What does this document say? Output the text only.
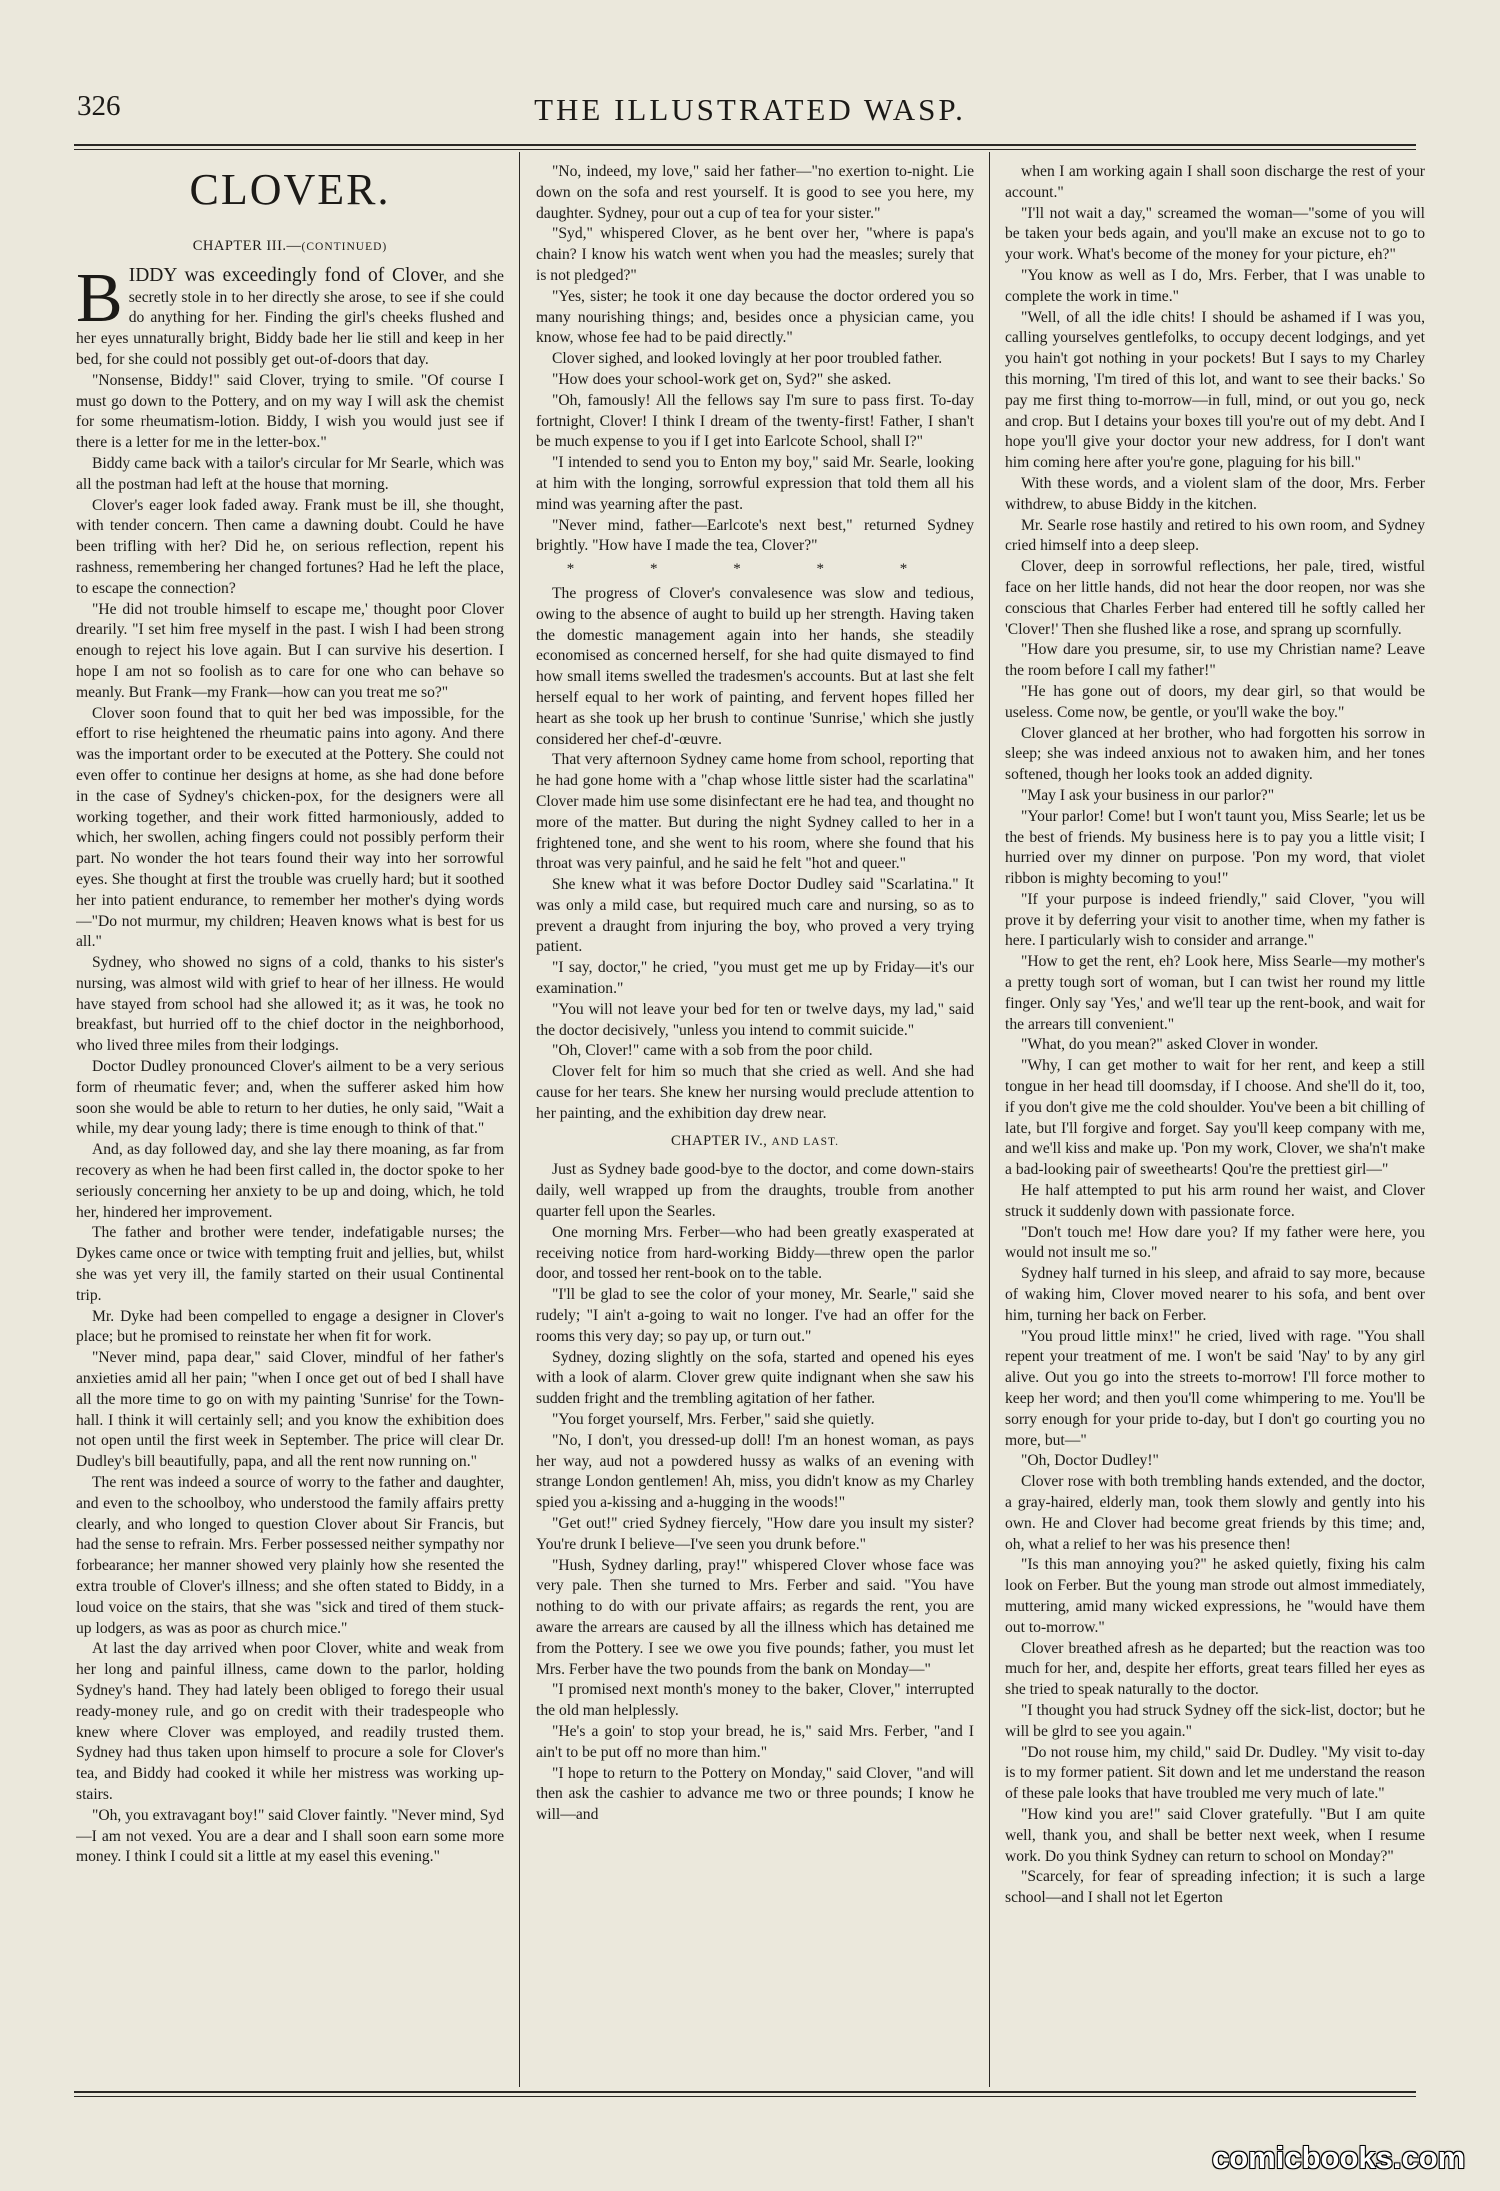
326	THE ILLUSTRATED WASP.
CLOVER.
CHAPTER III.—(CONTINUED)

BIDDY was exceedingly fond of Clover, and she secretly stole in to her directly she arose, to see if she could do anything for her. Finding the girl's cheeks flushed and her eyes unnaturally bright, Biddy bade her lie still and keep in her bed, for she could not possibly get out-of-doors that day.

"Nonsense, Biddy!" said Clover, trying to smile. "Of course I must go down to the Pottery, and on my way I will ask the chemist for some rheumatism-lotion. Biddy, I wish you would just see if there is a letter for me in the letter-box."

Biddy came back with a tailor's circular for Mr Searle, which was all the postman had left at the house that morning.

Clover's eager look faded away. Frank must be ill, she thought, with tender concern. Then came a dawning doubt. Could he have been trifling with her? Did he, on serious reflection, repent his rashness, remembering her changed fortunes? Had he left the place, to escape the connection?

"He did not trouble himself to escape me,' thought poor Clover drearily. "I set him free myself in the past. I wish I had been strong enough to reject his love again. But I can survive his desertion. I hope I am not so foolish as to care for one who can behave so meanly. But Frank—my Frank—how can you treat me so?"

Clover soon found that to quit her bed was impossible, for the effort to rise heightened the rheumatic pains into agony. And there was the important order to be executed at the Pottery. She could not even offer to continue her designs at home, as she had done before in the case of Sydney's chicken-pox, for the designers were all working together, and their work fitted harmoniously, added to which, her swollen, aching fingers could not possibly perform their part. No wonder the hot tears found their way into her sorrowful eyes. She thought at first the trouble was cruelly hard; but it soothed her into patient endurance, to remember her mother's dying words—"Do not murmur, my children; Heaven knows what is best for us all."

Sydney, who showed no signs of a cold, thanks to his sister's nursing, was almost wild with grief to hear of her illness. He would have stayed from school had she allowed it; as it was, he took no breakfast, but hurried off to the chief doctor in the neighborhood, who lived three miles from their lodgings.

Doctor Dudley pronounced Clover's ailment to be a very serious form of rheumatic fever; and, when the sufferer asked him how soon she would be able to return to her duties, he only said, "Wait a while, my dear young lady; there is time enough to think of that."

And, as day followed day, and she lay there moaning, as far from recovery as when he had been first called in, the doctor spoke to her seriously concerning her anxiety to be up and doing, which, he told her, hindered her improvement.

The father and brother were tender, indefatigable nurses; the Dykes came once or twice with tempting fruit and jellies, but, whilst she was yet very ill, the family started on their usual Continental trip.

Mr. Dyke had been compelled to engage a designer in Clover's place; but he promised to reinstate her when fit for work.

"Never mind, papa dear," said Clover, mindful of her father's anxieties amid all her pain; "when I once get out of bed I shall have all the more time to go on with my painting 'Sunrise' for the Town-hall. I think it will certainly sell; and you know the exhibition does not open until the first week in September. The price will clear Dr. Dudley's bill beautifully, papa, and all the rent now running on."

The rent was indeed a source of worry to the father and daughter, and even to the schoolboy, who understood the family affairs pretty clearly, and who longed to question Clover about Sir Francis, but had the sense to refrain. Mrs. Ferber possessed neither sympathy nor forbearance; her manner showed very plainly how she resented the extra trouble of Clover's illness; and she often stated to Biddy, in a loud voice on the stairs, that she was "sick and tired of them stuck-up lodgers, as was as poor as church mice."

At last the day arrived when poor Clover, white and weak from her long and painful illness, came down to the parlor, holding Sydney's hand. They had lately been obliged to forego their usual ready-money rule, and go on credit with their tradespeople who knew where Clover was employed, and readily trusted them. Sydney had thus taken upon himself to procure a sole for Clover's tea, and Biddy had cooked it while her mistress was working up-stairs.

"Oh, you extravagant boy!" said Clover faintly. "Never mind, Syd—I am not vexed. You are a dear and I shall soon earn some more money. I think I could sit a little at my easel this evening."

"No, indeed, my love," said her father—"no exertion to-night. Lie down on the sofa and rest yourself. It is good to see you here, my daughter. Sydney, pour out a cup of tea for your sister."

"Syd," whispered Clover, as he bent over her, "where is papa's chain? I know his watch went when you had the measles; surely that is not pledged?"

"Yes, sister; he took it one day because the doctor ordered you so many nourishing things; and, besides once a physician came, you know, whose fee had to be paid directly."

Clover sighed, and looked lovingly at her poor troubled father.

"How does your school-work get on, Syd?" she asked.

"Oh, famously! All the fellows say I'm sure to pass first. To-day fortnight, Clover! I think I dream of the twenty-first! Father, I shan't be much expense to you if I get into Earlcote School, shall I?"

"I intended to send you to Enton my boy," said Mr. Searle, looking at him with the longing, sorrowful expression that told them all his mind was yearning after the past.

"Never mind, father—Earlcote's next best," returned Sydney brightly. "How have I made the tea, Clover?"

* * * * *

The progress of Clover's convalesence was slow and tedious, owing to the absence of aught to build up her strength. Having taken the domestic management again into her hands, she steadily economised as concerned herself, for she had quite dismayed to find how small items swelled the tradesmen's accounts. But at last she felt herself equal to her work of painting, and fervent hopes filled her heart as she took up her brush to continue 'Sunrise,' which she justly considered her chef-d'-œuvre.

That very afternoon Sydney came home from school, reporting that he had gone home with a "chap whose little sister had the scarlatina" Clover made him use some disinfectant ere he had tea, and thought no more of the matter. But during the night Sydney called to her in a frightened tone, and she went to his room, where she found that his throat was very painful, and he said he felt "hot and queer."

She knew what it was before Doctor Dudley said "Scarlatina." It was only a mild case, but required much care and nursing, so as to prevent a draught from injuring the boy, who proved a very trying patient.

"I say, doctor," he cried, "you must get me up by Friday—it's our examination."

"You will not leave your bed for ten or twelve days, my lad," said the doctor decisively, "unless you intend to commit suicide."

"Oh, Clover!" came with a sob from the poor child.

Clover felt for him so much that she cried as well. And she had cause for her tears. She knew her nursing would preclude attention to her painting, and the exhibition day drew near.

CHAPTER IV., AND LAST.

Just as Sydney bade good-bye to the doctor, and come down-stairs daily, well wrapped up from the draughts, trouble from another quarter fell upon the Searles.

One morning Mrs. Ferber—who had been greatly exasperated at receiving notice from hard-working Biddy—threw open the parlor door, and tossed her rent-book on to the table.

"I'll be glad to see the color of your money, Mr. Searle," said she rudely; "I ain't a-going to wait no longer. I've had an offer for the rooms this very day; so pay up, or turn out."

Sydney, dozing slightly on the sofa, started and opened his eyes with a look of alarm. Clover grew quite indignant when she saw his sudden fright and the trembling agitation of her father.

"You forget yourself, Mrs. Ferber," said she quietly.

"No, I don't, you dressed-up doll! I'm an honest woman, as pays her way, aud not a powdered hussy as walks of an evening with strange London gentlemen! Ah, miss, you didn't know as my Charley spied you a-kissing and a-hugging in the woods!"

"Get out!" cried Sydney fiercely, "How dare you insult my sister? You're drunk I believe—I've seen you drunk before."

"Hush, Sydney darling, pray!" whispered Clover whose face was very pale. Then she turned to Mrs. Ferber and said. "You have nothing to do with our private affairs; as regards the rent, you are aware the arrears are caused by all the illness which has detained me from the Pottery. I see we owe you five pounds; father, you must let Mrs. Ferber have the two pounds from the bank on Monday—"

"I promised next month's money to the baker, Clover," interrupted the old man helplessly.

"He's a goin' to stop your bread, he is," said Mrs. Ferber, "and I ain't to be put off no more than him."

"I hope to return to the Pottery on Monday," said Clover, "and will then ask the cashier to advance me two or three pounds; I know he will—and

when I am working again I shall soon discharge the rest of your account."

"I'll not wait a day," screamed the woman—"some of you will be taken your beds again, and you'll make an excuse not to go to your work. What's become of the money for your picture, eh?"

"You know as well as I do, Mrs. Ferber, that I was unable to complete the work in time."

"Well, of all the idle chits! I should be ashamed if I was you, calling yourselves gentlefolks, to occupy decent lodgings, and yet you hain't got nothing in your pockets! But I says to my Charley this morning, 'I'm tired of this lot, and want to see their backs.' So pay me first thing to-morrow—in full, mind, or out you go, neck and crop. But I detains your boxes till you're out of my debt. And I hope you'll give your doctor your new address, for I don't want him coming here after you're gone, plaguing for his bill."

With these words, and a violent slam of the door, Mrs. Ferber withdrew, to abuse Biddy in the kitchen.

Mr. Searle rose hastily and retired to his own room, and Sydney cried himself into a deep sleep.

Clover, deep in sorrowful reflections, her pale, tired, wistful face on her little hands, did not hear the door reopen, nor was she conscious that Charles Ferber had entered till he softly called her 'Clover!' Then she flushed like a rose, and sprang up scornfully.

"How dare you presume, sir, to use my Christian name? Leave the room before I call my father!"

"He has gone out of doors, my dear girl, so that would be useless. Come now, be gentle, or you'll wake the boy."

Clover glanced at her brother, who had forgotten his sorrow in sleep; she was indeed anxious not to awaken him, and her tones softened, though her looks took an added dignity.

"May I ask your business in our parlor?"

"Your parlor! Come! but I won't taunt you, Miss Searle; let us be the best of friends. My business here is to pay you a little visit; I hurried over my dinner on purpose. 'Pon my word, that violet ribbon is mighty becoming to you!"

"If your purpose is indeed friendly," said Clover, "you will prove it by deferring your visit to another time, when my father is here. I particularly wish to consider and arrange."

"How to get the rent, eh? Look here, Miss Searle—my mother's a pretty tough sort of woman, but I can twist her round my little finger. Only say 'Yes,' and we'll tear up the rent-book, and wait for the arrears till convenient."

"What, do you mean?" asked Clover in wonder.

"Why, I can get mother to wait for her rent, and keep a still tongue in her head till doomsday, if I choose. And she'll do it, too, if you don't give me the cold shoulder. You've been a bit chilling of late, but I'll forgive and forget. Say you'll keep company with me, and we'll kiss and make up. 'Pon my work, Clover, we sha'n't make a bad-looking pair of sweethearts! Qou're the prettiest girl—"

He half attempted to put his arm round her waist, and Clover struck it suddenly down with passionate force.

"Don't touch me! How dare you? If my father were here, you would not insult me so."

Sydney half turned in his sleep, and afraid to say more, because of waking him, Clover moved nearer to his sofa, and bent over him, turning her back on Ferber.

"You proud little minx!" he cried, lived with rage. "You shall repent your treatment of me. I won't be said 'Nay' to by any girl alive. Out you go into the streets to-morrow! I'll force mother to keep her word; and then you'll come whimpering to me. You'll be sorry enough for your pride to-day, but I don't go courting you no more, but—"

"Oh, Doctor Dudley!"

Clover rose with both trembling hands extended, and the doctor, a gray-haired, elderly man, took them slowly and gently into his own. He and Clover had become great friends by this time; and, oh, what a relief to her was his presence then!

"Is this man annoying you?" he asked quietly, fixing his calm look on Ferber. But the young man strode out almost immediately, muttering, amid many wicked expressions, he "would have them out to-morrow."

Clover breathed afresh as he departed; but the reaction was too much for her, and, despite her efforts, great tears filled her eyes as she tried to speak naturally to the doctor.

"I thought you had struck Sydney off the sick-list, doctor; but he will be glrd to see you again."

"Do not rouse him, my child," said Dr. Dudley. "My visit to-day is to my former patient. Sit down and let me understand the reason of these pale looks that have troubled me very much of late."

"How kind you are!" said Clover gratefully. "But I am quite well, thank you, and shall be better next week, when I resume work. Do you think Sydney can return to school on Monday?"

"Scarcely, for fear of spreading infection; it is such a large school—and I shall not let Egerton

comicbooks.com
